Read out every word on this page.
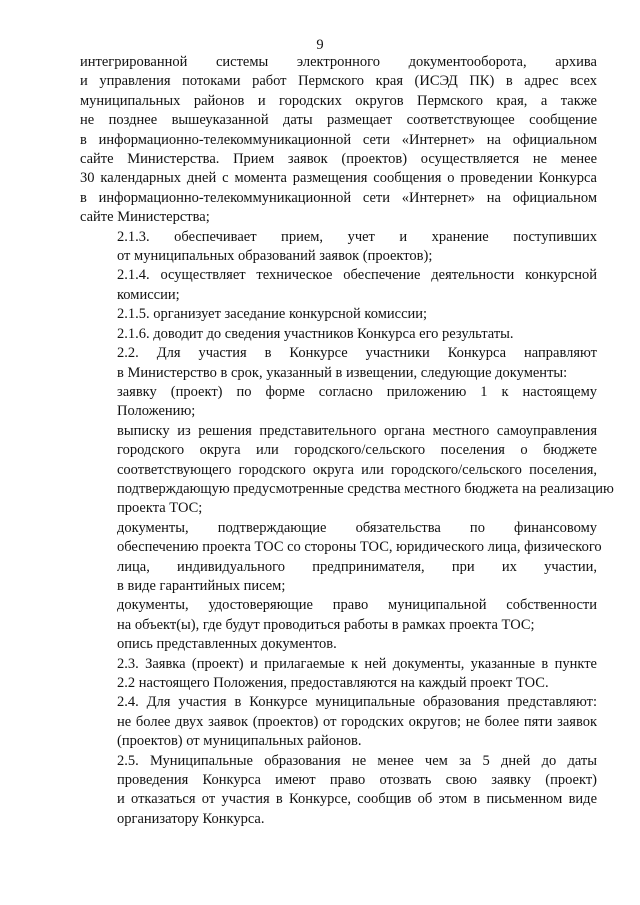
9
интегрированной системы электронного документооборота, архива
и управления потоками работ Пермского края (ИСЭД ПК) в адрес всех
муниципальных районов и городских округов Пермского края, а также
не позднее вышеуказанной даты размещает соответствующее сообщение
в информационно-телекоммуникационной сети «Интернет» на официальном
сайте Министерства. Прием заявок (проектов) осуществляется не менее
30 календарных дней с момента размещения сообщения о проведении Конкурса
в информационно-телекоммуникационной сети «Интернет» на официальном
сайте Министерства;
2.1.3. обеспечивает прием, учет и хранение поступивших
от муниципальных образований заявок (проектов);
2.1.4. осуществляет техническое обеспечение деятельности конкурсной
комиссии;
2.1.5. организует заседание конкурсной комиссии;
2.1.6. доводит до сведения участников Конкурса его результаты.
2.2. Для участия в Конкурсе участники Конкурса направляют
в Министерство в срок, указанный в извещении, следующие документы:
заявку (проект) по форме согласно приложению 1 к настоящему
Положению;
выписку из решения представительного органа местного самоуправления
городского округа или городского/сельского поселения о бюджете
соответствующего городского округа или городского/сельского поселения,
подтверждающую предусмотренные средства местного бюджета на реализацию
проекта ТОС;
документы, подтверждающие обязательства по финансовому
обеспечению проекта ТОС со стороны ТОС, юридического лица, физического
лица, индивидуального предпринимателя, при их участии,
в виде гарантийных писем;
документы, удостоверяющие право муниципальной собственности
на объект(ы), где будут проводиться работы в рамках проекта ТОС;
опись представленных документов.
2.3. Заявка (проект) и прилагаемые к ней документы, указанные в пункте
2.2 настоящего Положения, предоставляются на каждый проект ТОС.
2.4. Для участия в Конкурсе муниципальные образования представляют:
не более двух заявок (проектов) от городских округов; не более пяти заявок
(проектов) от муниципальных районов.
2.5. Муниципальные образования не менее чем за 5 дней до даты
проведения Конкурса имеют право отозвать свою заявку (проект)
и отказаться от участия в Конкурсе, сообщив об этом в письменном виде
организатору Конкурса.
